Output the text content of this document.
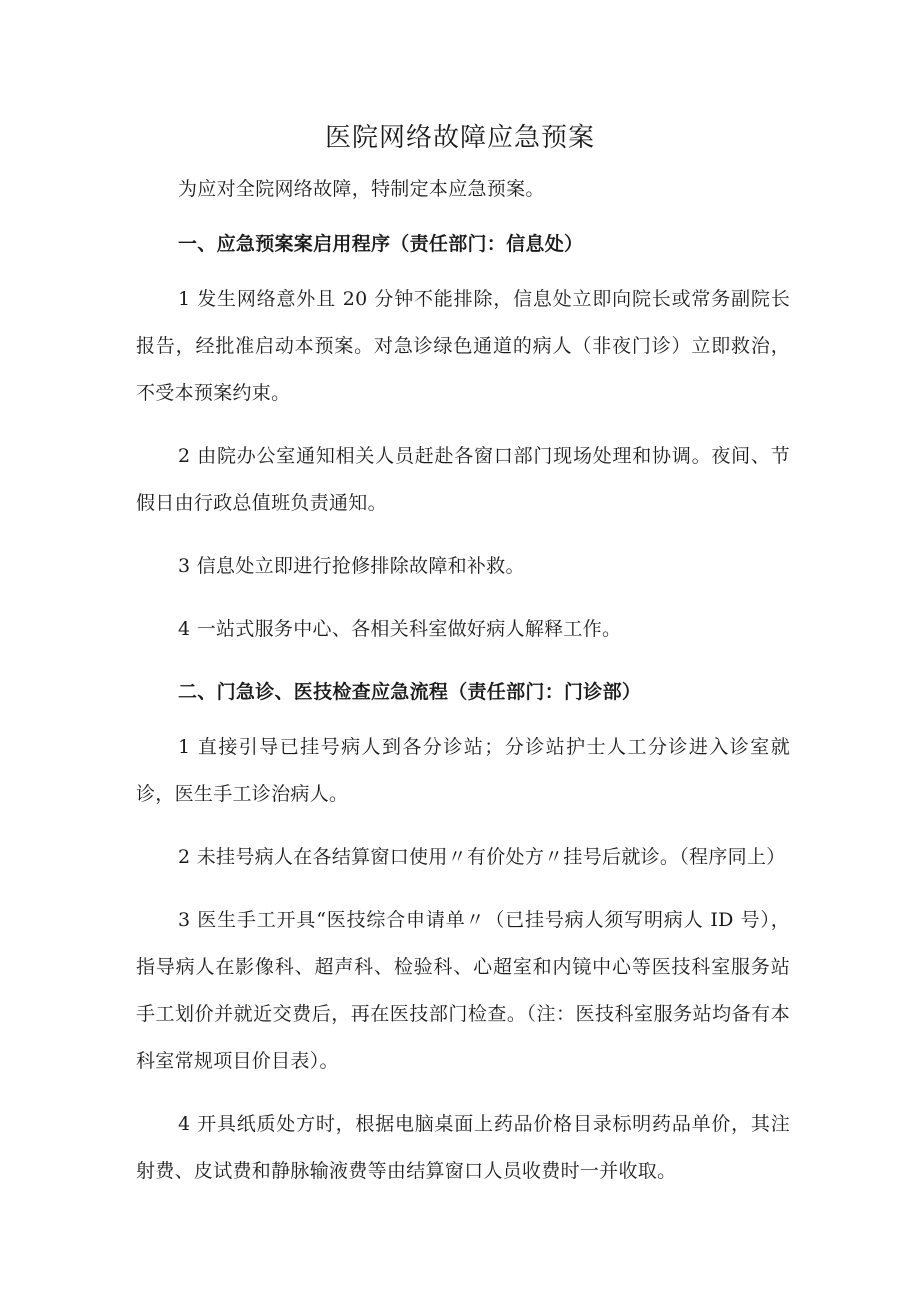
医院网络故障应急预案

为应对全院网络故障，特制定本应急预案。

一、应急预案案启用程序（责任部门：信息处）

1 发生网络意外且 20 分钟不能排除，信息处立即向院长或常务副院长报告，经批准启动本预案。对急诊绿色通道的病人（非夜门诊）立即救治，不受本预案约束。

2 由院办公室通知相关人员赶赴各窗口部门现场处理和协调。夜间、节假日由行政总值班负责通知。

3 信息处立即进行抢修排除故障和补救。

4 一站式服务中心、各相关科室做好病人解释工作。

二、门急诊、医技检查应急流程（责任部门：门诊部）

1 直接引导已挂号病人到各分诊站；分诊站护士人工分诊进入诊室就诊，医生手工诊治病人。

2 未挂号病人在各结算窗口使用〃有价处方〃挂号后就诊。（程序同上）

3 医生手工开具“医技综合申请单〃（已挂号病人须写明病人 ID 号），指导病人在影像科、超声科、检验科、心超室和内镜中心等医技科室服务站手工划价并就近交费后，再在医技部门检查。（注：医技科室服务站均备有本科室常规项目价目表）。

4 开具纸质处方时，根据电脑桌面上药品价格目录标明药品单价，其注射费、皮试费和静脉输液费等由结算窗口人员收费时一并收取。
